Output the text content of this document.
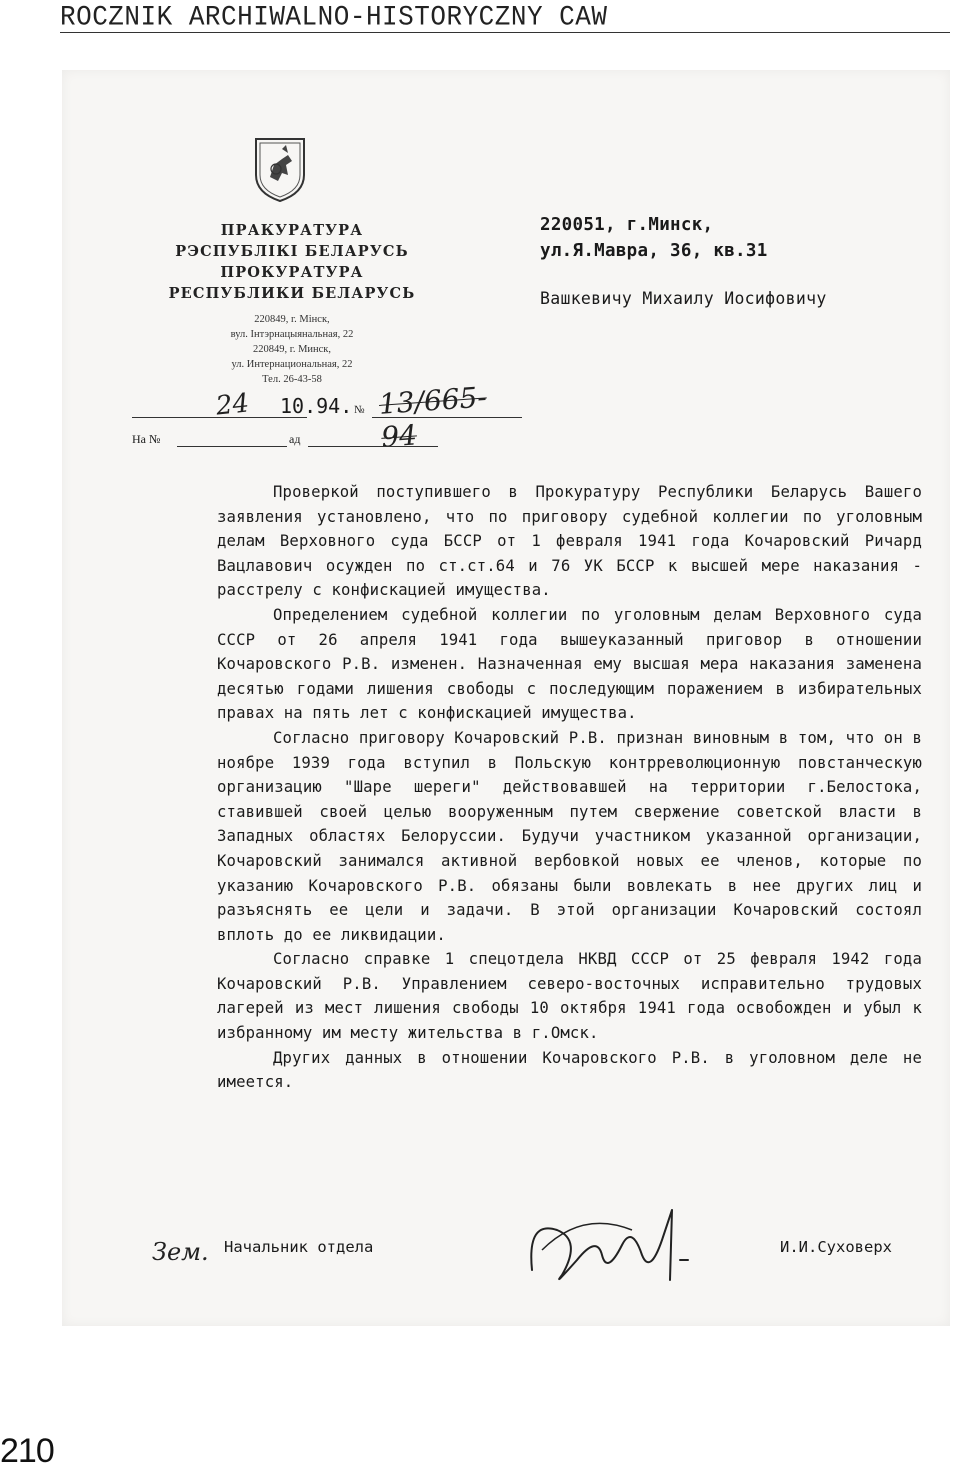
ROCZNIK ARCHIWALNO-HISTORYCZNY CAW
ПРАКУРАТУРА
РЭСПУБЛІКІ БЕЛАРУСЬ
ПРОКУРАТУРА
РЕСПУБЛИКИ БЕЛАРУСЬ
220849, г. Мінск,
вул. Інтэрнацыянальная, 22
220849, г. Минск,
ул. Интернациональная, 22
Тел. 26-43-58
24 10.94. № 13/665-94
На №	ад
220051, г.Минск,
ул.Я.Мавра, 36, кв.31
Вашкевичу Михаилу Иосифовичу

Проверкой поступившего в Прокуратуру Республики Беларусь Вашего заявления установлено, что по приговору судебной коллегии по уголовным делам Верховного суда БССР от 1 февраля 1941 года Кочаровский Ричард Вацлавович осужден по ст.ст.64 и 76 УК БССР к высшей мере наказания - расстрелу с конфискацией имущества.

Определением судебной коллегии по уголовным делам Верховного суда СССР от 26 апреля 1941 года вышеуказанный приговор в отношении Кочаровского Р.В. изменен. Назначенная ему высшая мера наказания заменена десятью годами лишения свободы с последующим поражением в избирательных правах на пять лет с конфискацией имущества.

Согласно приговору Кочаровский Р.В. признан виновным в том, что он в ноябре 1939 года вступил в Польскую контрреволюционную повстанческую организацию "Шаре шереги" действовавшей на территории г.Белостока, ставившей своей целью вооруженным путем свержение советской власти в Западных областях Белоруссии. Будучи участником указанной организации, Кочаровский занимался активной вербовкой новых ее членов, которые по указанию Кочаровского Р.В. обязаны были вовлекать в нее других лиц и разъяснять ее цели и задачи. В этой организации Кочаровский состоял вплоть до ее ликвидации.

Согласно справке 1 спецотдела НКВД СССР от 25 февраля 1942 года Кочаровский Р.В. Управлением северо-восточных исправительно трудовых лагерей из мест лишения свободы 10 октября 1941 года освобожден и убыл к избранному им месту жительства в г.Омск.

Других данных в отношении Кочаровского Р.В. в уголовном деле не имеется.

Зем. Начальник отдела	И.И.Суховерх
210
